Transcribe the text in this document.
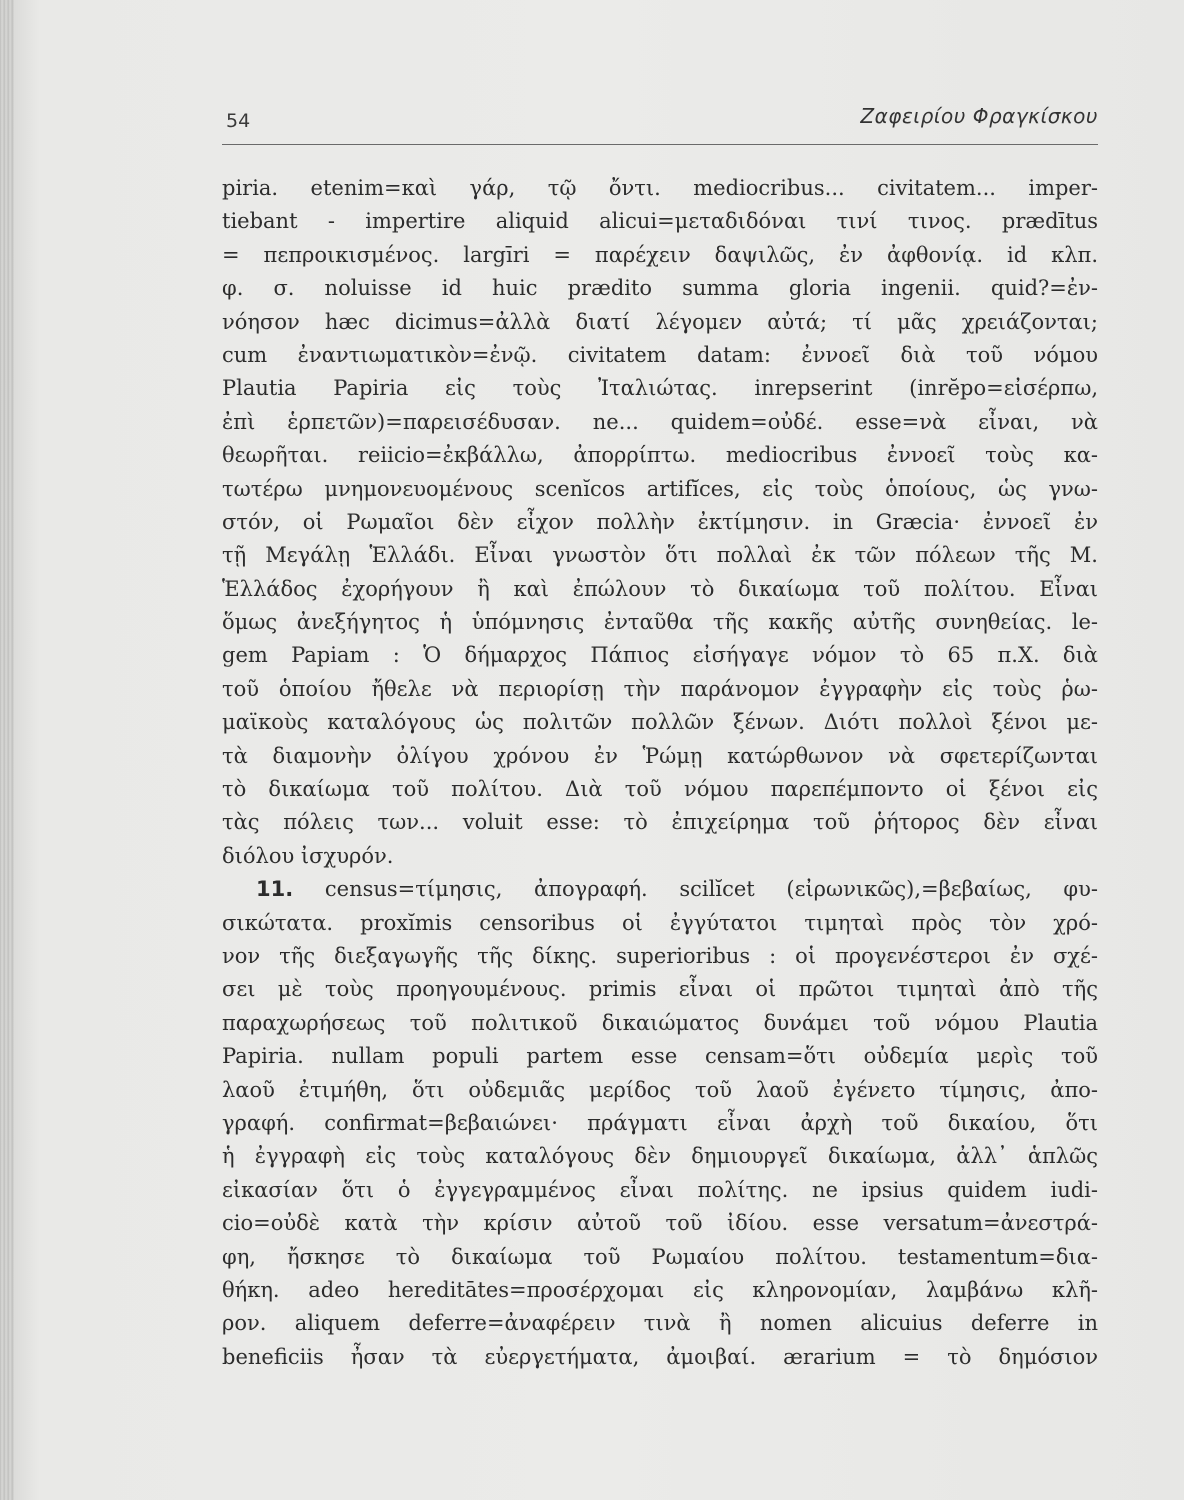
54	Ζαφειρίου Φραγκίσκου
piria. etenim=καὶ γάρ, τῷ ὄντι. mediocribus... civitatem... imper-
tiebant - impertire aliquid alicui=μεταδιδόναι τινί τινος. prædītus
= πεπροικισμένος. largīri = παρέχειν δαψιλῶς, ἐν ἀφθονίᾳ. id κλπ.
φ. σ. noluisse id huic prædito summa gloria ingenii. quid?=ἐν-
νόησον hæc dicimus=ἀλλὰ διατί λέγομεν αὐτά; τί μᾶς χρειάζονται;
cum ἐναντιωματικὸν=ἐνῷ. civitatem datam: ἐννοεῖ διὰ τοῦ νόμου
Plautia Papiria εἰς τοὺς Ἰταλιώτας. inrepserint (inrĕpo=εἰσέρπω,
ἐπὶ ἑρπετῶν)=παρεισέδυσαν. ne... quidem=οὐδέ. esse=νὰ εἶναι, νὰ
θεωρῆται. reiicio=ἐκβάλλω, ἀπορρίπτω. mediocribus ἐννοεῖ τοὺς κα-
τωτέρω μνημονευομένους scenĭcos artifĭces, εἰς τοὺς ὁποίους, ὡς γνω-
στόν, οἱ Ρωμαῖοι δὲν εἶχον πολλὴν ἐκτίμησιν. in Græcia· ἐννοεῖ ἐν
τῇ Μεγάλῃ Ἑλλάδι. Εἶναι γνωστὸν ὅτι πολλαὶ ἐκ τῶν πόλεων τῆς Μ.
Ἑλλάδος ἐχορήγουν ἢ καὶ ἐπώλουν τὸ δικαίωμα τοῦ πολίτου. Εἶναι
ὅμως ἀνεξήγητος ἡ ὑπόμνησις ἐνταῦθα τῆς κακῆς αὐτῆς συνηθείας. le-
gem Papiam : Ὁ δήμαρχος Πάπιος εἰσήγαγε νόμον τὸ 65 π.Χ. διὰ
τοῦ ὁποίου ἤθελε νὰ περιορίσῃ τὴν παράνομον ἐγγραφὴν εἰς τοὺς ῥω-
μαϊκοὺς καταλόγους ὡς πολιτῶν πολλῶν ξένων. Διότι πολλοὶ ξένοι με-
τὰ διαμονὴν ὀλίγου χρόνου ἐν Ῥώμῃ κατώρθωνον νὰ σφετερίζωνται
τὸ δικαίωμα τοῦ πολίτου. Διὰ τοῦ νόμου παρεπέμποντο οἱ ξένοι εἰς
τὰς πόλεις των... voluit esse: τὸ ἐπιχείρημα τοῦ ῥήτορος δὲν εἶναι
διόλου ἰσχυρόν.
11. census=τίμησις, ἀπογραφή. scilĭcet (εἰρωνικῶς),=βεβαίως, φυ-
σικώτατα. proxĭmis censoribus οἱ ἐγγύτατοι τιμηταὶ πρὸς τὸν χρό-
νον τῆς διεξαγωγῆς τῆς δίκης. superioribus : οἱ προγενέστεροι ἐν σχέ-
σει μὲ τοὺς προηγουμένους. primis εἶναι οἱ πρῶτοι τιμηταὶ ἀπὸ τῆς
παραχωρήσεως τοῦ πολιτικοῦ δικαιώματος δυνάμει τοῦ νόμου Plautia
Papiria. nullam populi partem esse censam=ὅτι οὐδεμία μερὶς τοῦ
λαοῦ ἐτιμήθη, ὅτι οὐδεμιᾶς μερίδος τοῦ λαοῦ ἐγένετο τίμησις, ἀπο-
γραφή. confirmat=βεβαιώνει· πράγματι εἶναι ἀρχὴ τοῦ δικαίου, ὅτι
ἡ ἐγγραφὴ εἰς τοὺς καταλόγους δὲν δημιουργεῖ δικαίωμα, ἀλλ᾽ ἁπλῶς
εἰκασίαν ὅτι ὁ ἐγγεγραμμένος εἶναι πολίτης. ne ipsius quidem iudi-
cio=οὐδὲ κατὰ τὴν κρίσιν αὐτοῦ τοῦ ἰδίου. esse versatum=ἀνεστρά-
φη, ἤσκησε τὸ δικαίωμα τοῦ Ρωμαίου πολίτου. testamentum=δια-
θήκη. adeo hereditātes=προσέρχομαι εἰς κληρονομίαν, λαμβάνω κλῆ-
ρον. aliquem deferre=ἀναφέρειν τινὰ ἢ nomen alicuius deferre in
beneficiis ἦσαν τὰ εὐεργετήματα, ἀμοιβαί. ærarium = τὸ δημόσιον
